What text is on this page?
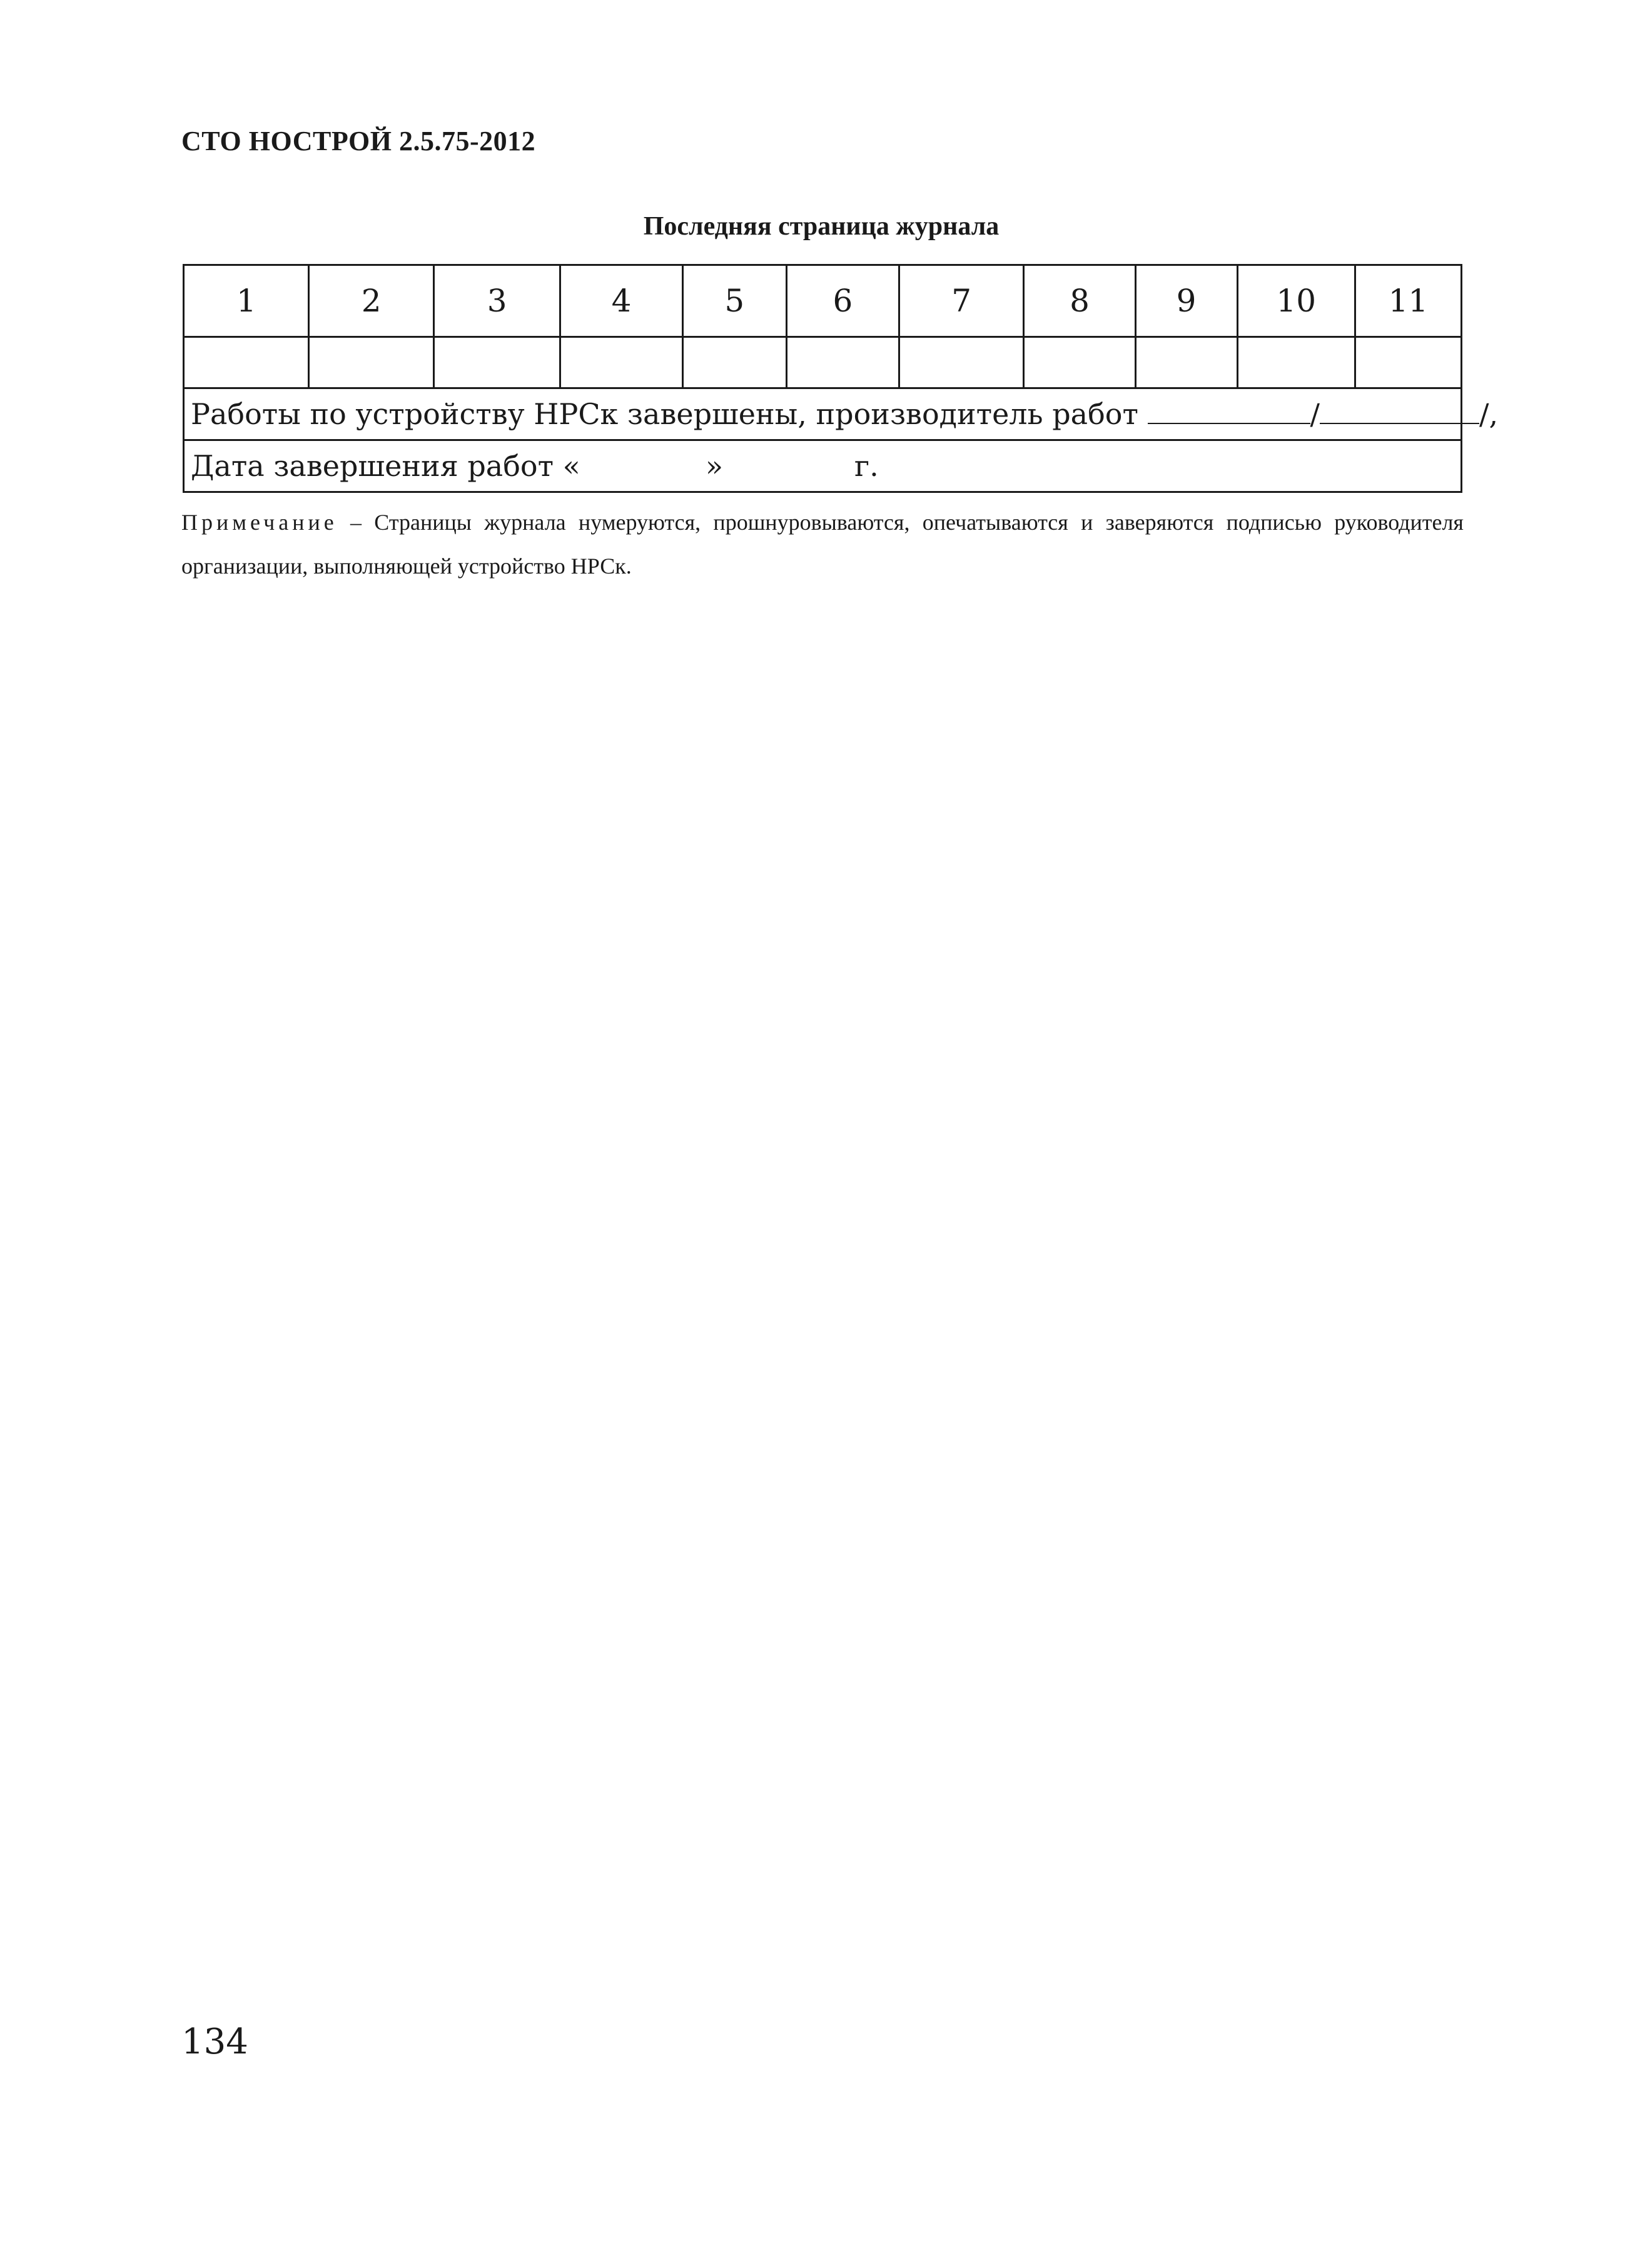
СТО НОСТРОЙ 2.5.75-2012
Последняя страница журнала
1	2	3	4	5	6	7	8	9	10	11

Работы по устройству НРСк завершены, производитель работ / /,										
Дата завершения работ « » г.										
Примечание – Страницы журнала нумеруются, прошнуровываются, опечатываются и заверяются подписью руководителя организации, выполняющей устройство НРСк.
134
